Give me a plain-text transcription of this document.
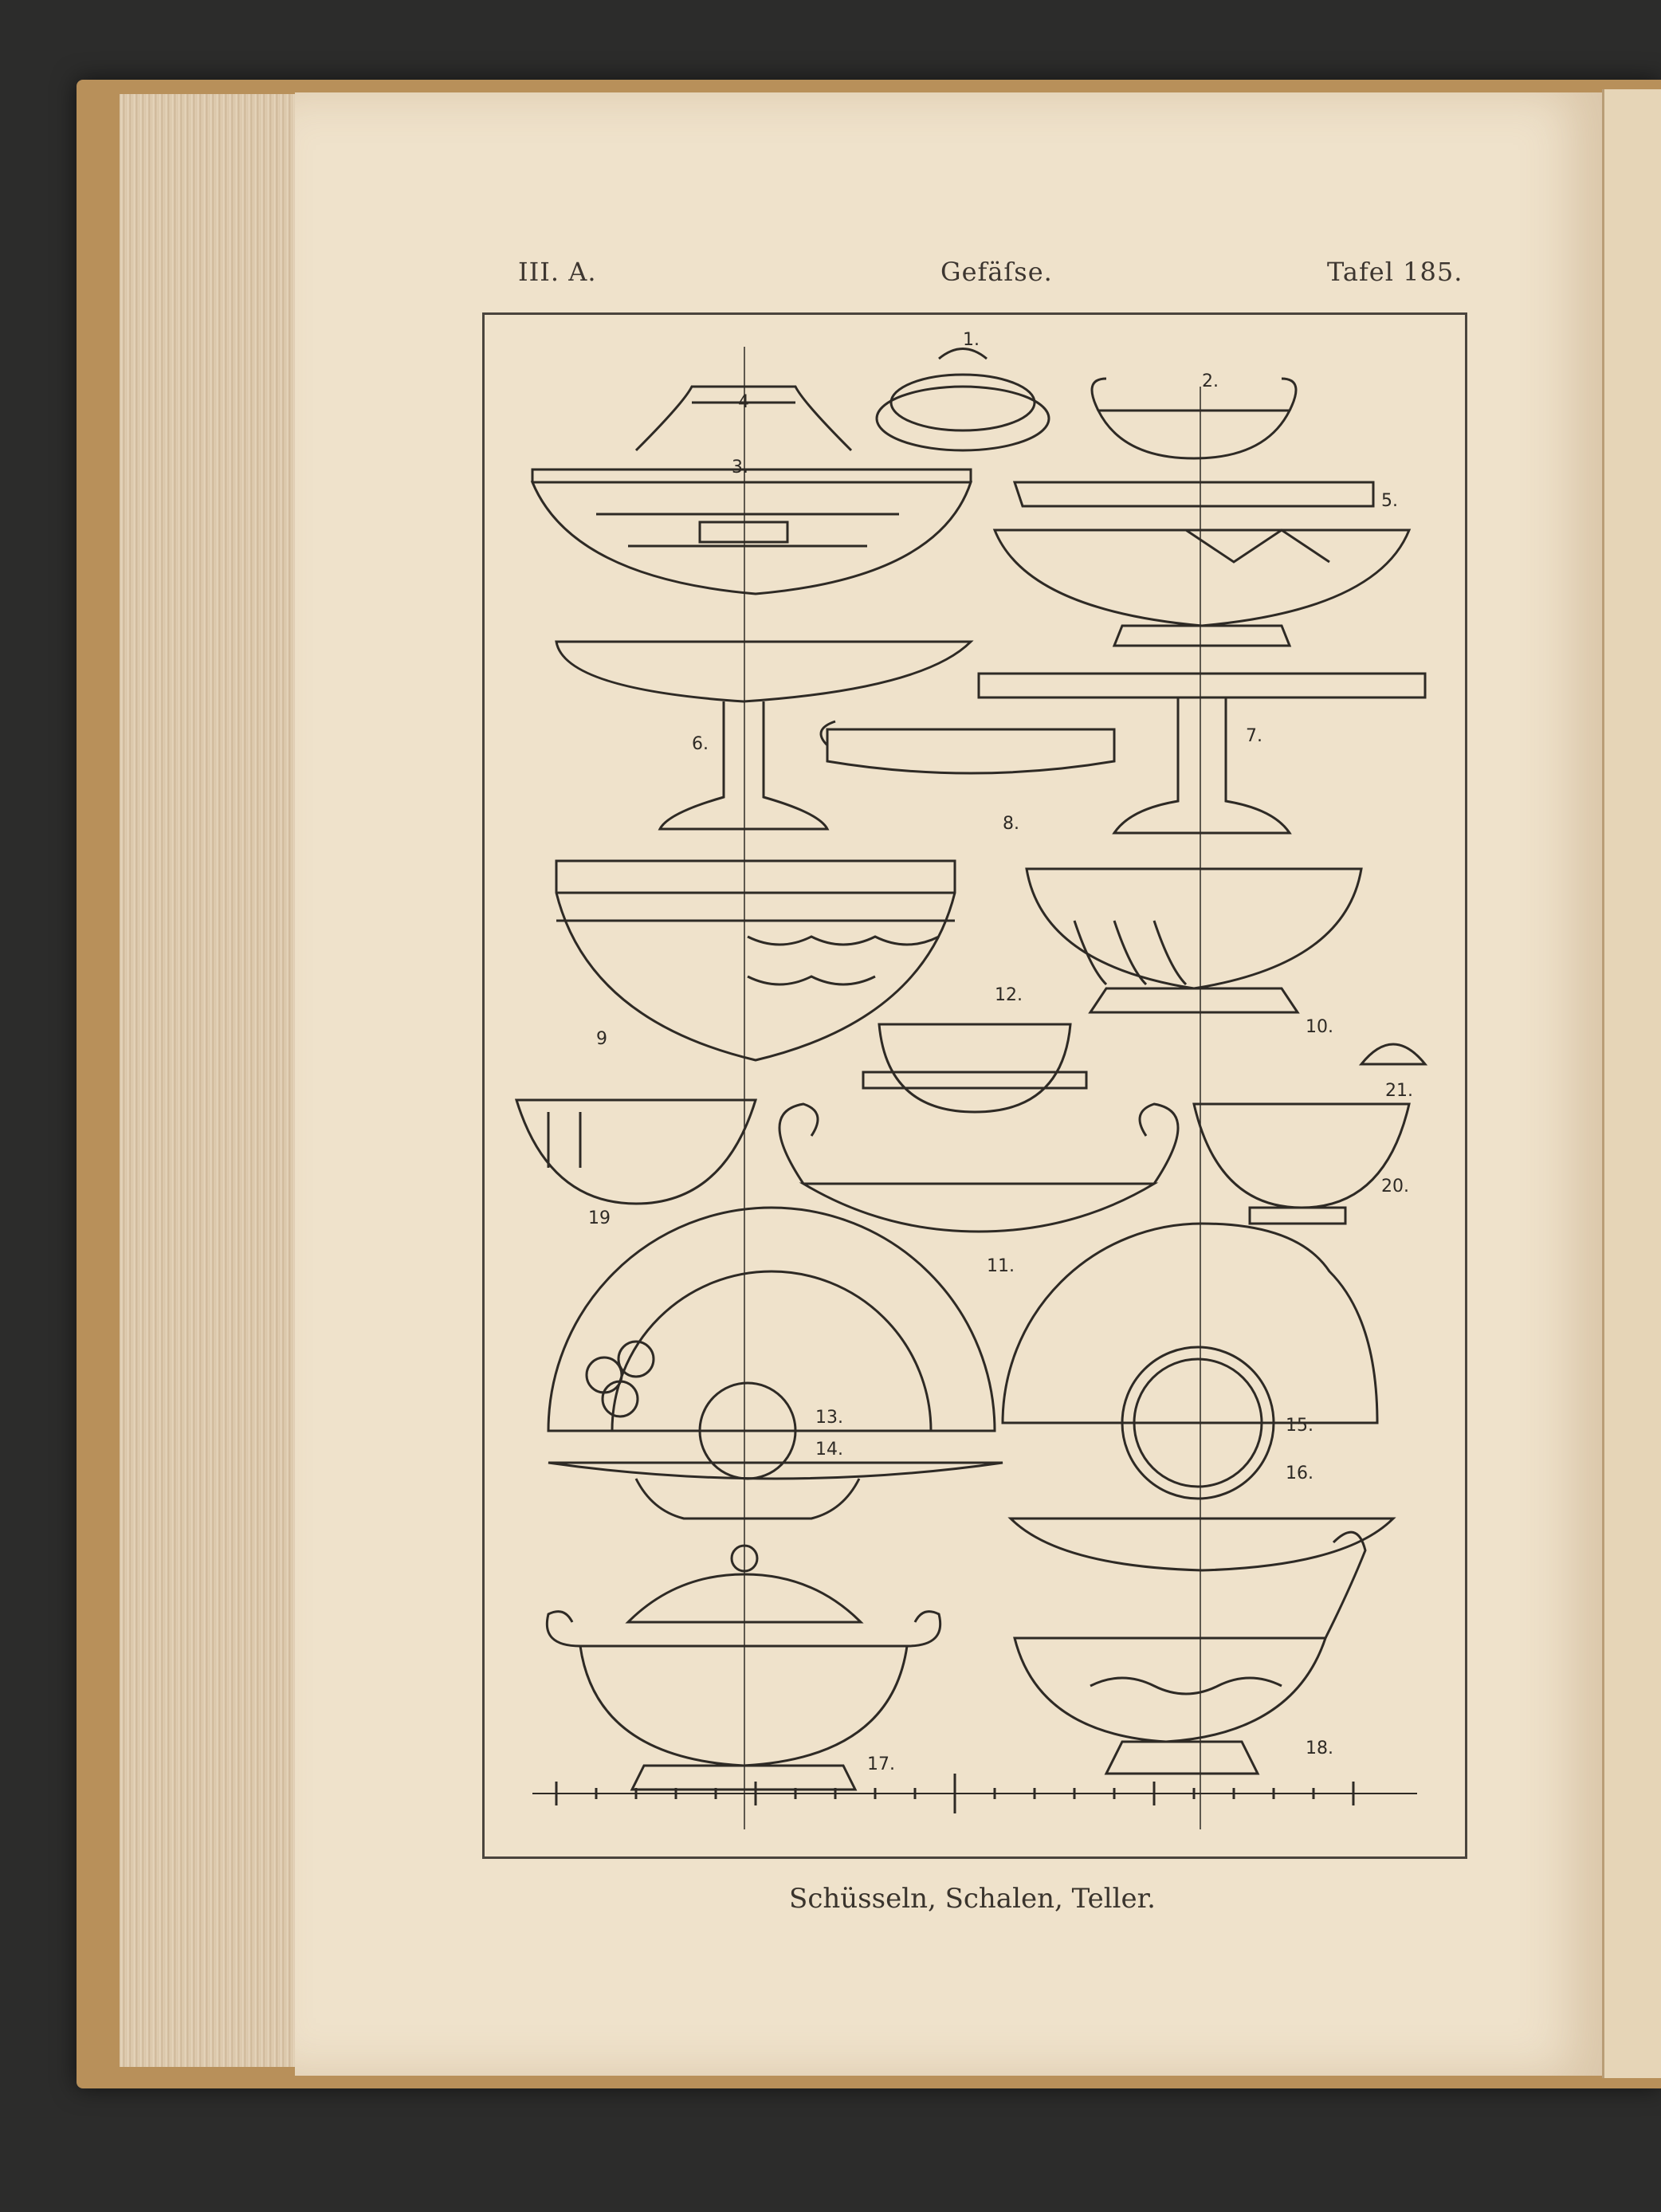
III. A.	Gefäſse.	Tafel 185.
1.
2.
3.
4
5.
6.	7.
8.
9
10.
11.
12.
13.
14.
15.
16.
17.
18.
19
20.
21.
Schüsseln, Schalen, Teller.
